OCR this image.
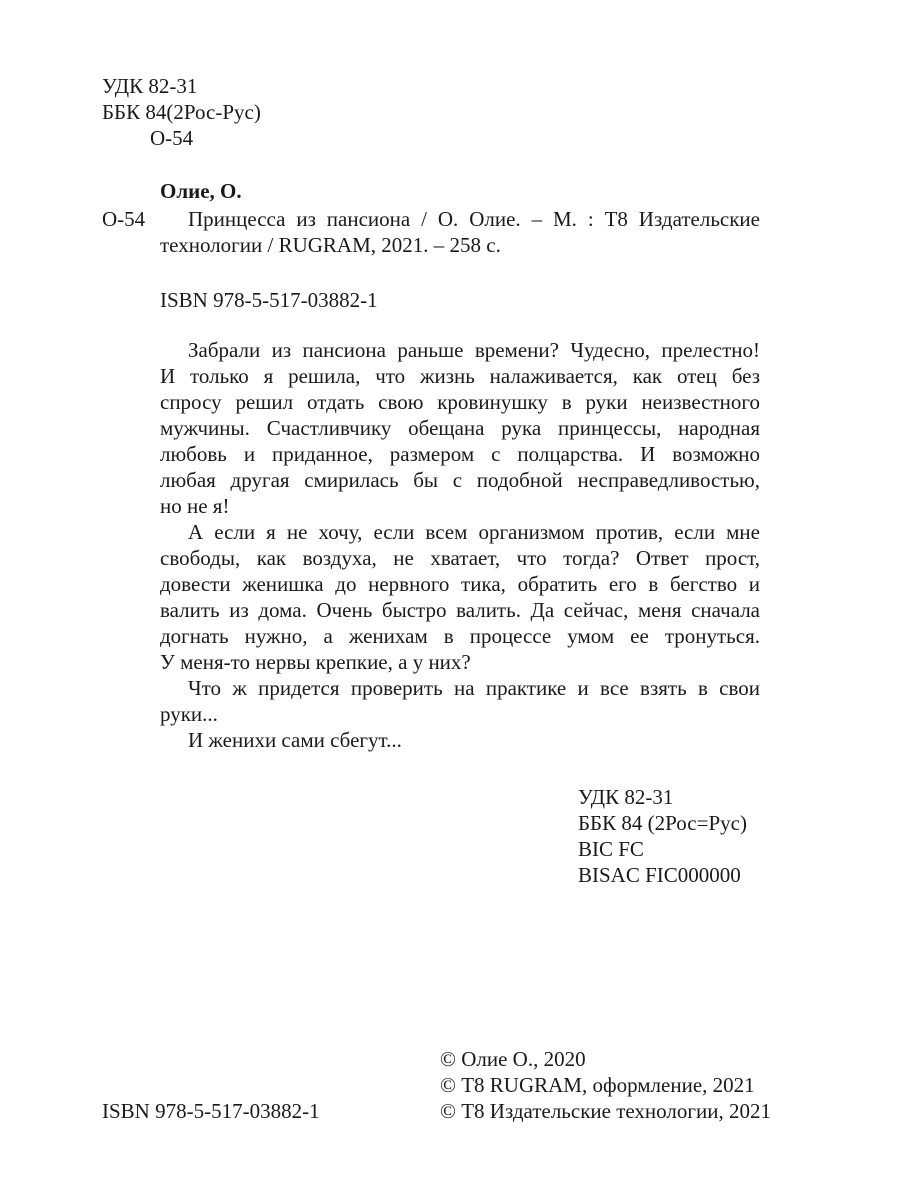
УДК 82-31
ББК 84(2Рос-Рус)
О-54
Олие, О.
О-54	Принцесса из пансиона / О. Олие. – М. : Т8 Издательские
технологии / RUGRAM, 2021. – 258 с.
ISBN 978-5-517-03882-1
Забрали из пансиона раньше времени? Чудесно, прелестно!
И только я решила, что жизнь налаживается, как отец без
спросу решил отдать свою кровинушку в руки неизвестного
мужчины. Счастливчику обещана рука принцессы, народная
любовь и приданное, размером с полцарства. И возможно
любая другая смирилась бы с подобной несправедливостью,
но не я!
А если я не хочу, если всем организмом против, если мне
свободы, как воздуха, не хватает, что тогда? Ответ прост,
довести женишка до нервного тика, обратить его в бегство и
валить из дома. Очень быстро валить. Да сейчас, меня сначала
догнать нужно, а женихам в процессе умом ее тронуться.
У меня-то нервы крепкие, а у них?
Что ж придется проверить на практике и все взять в свои
руки...
И женихи сами сбегут...
УДК 82-31
ББК 84 (2Рос=Рус)
BIC FC
BISAC FIC000000
ISBN 978-5-517-03882-1
© Олие О., 2020
© Т8 RUGRAM, оформление, 2021
© Т8 Издательские технологии, 2021
